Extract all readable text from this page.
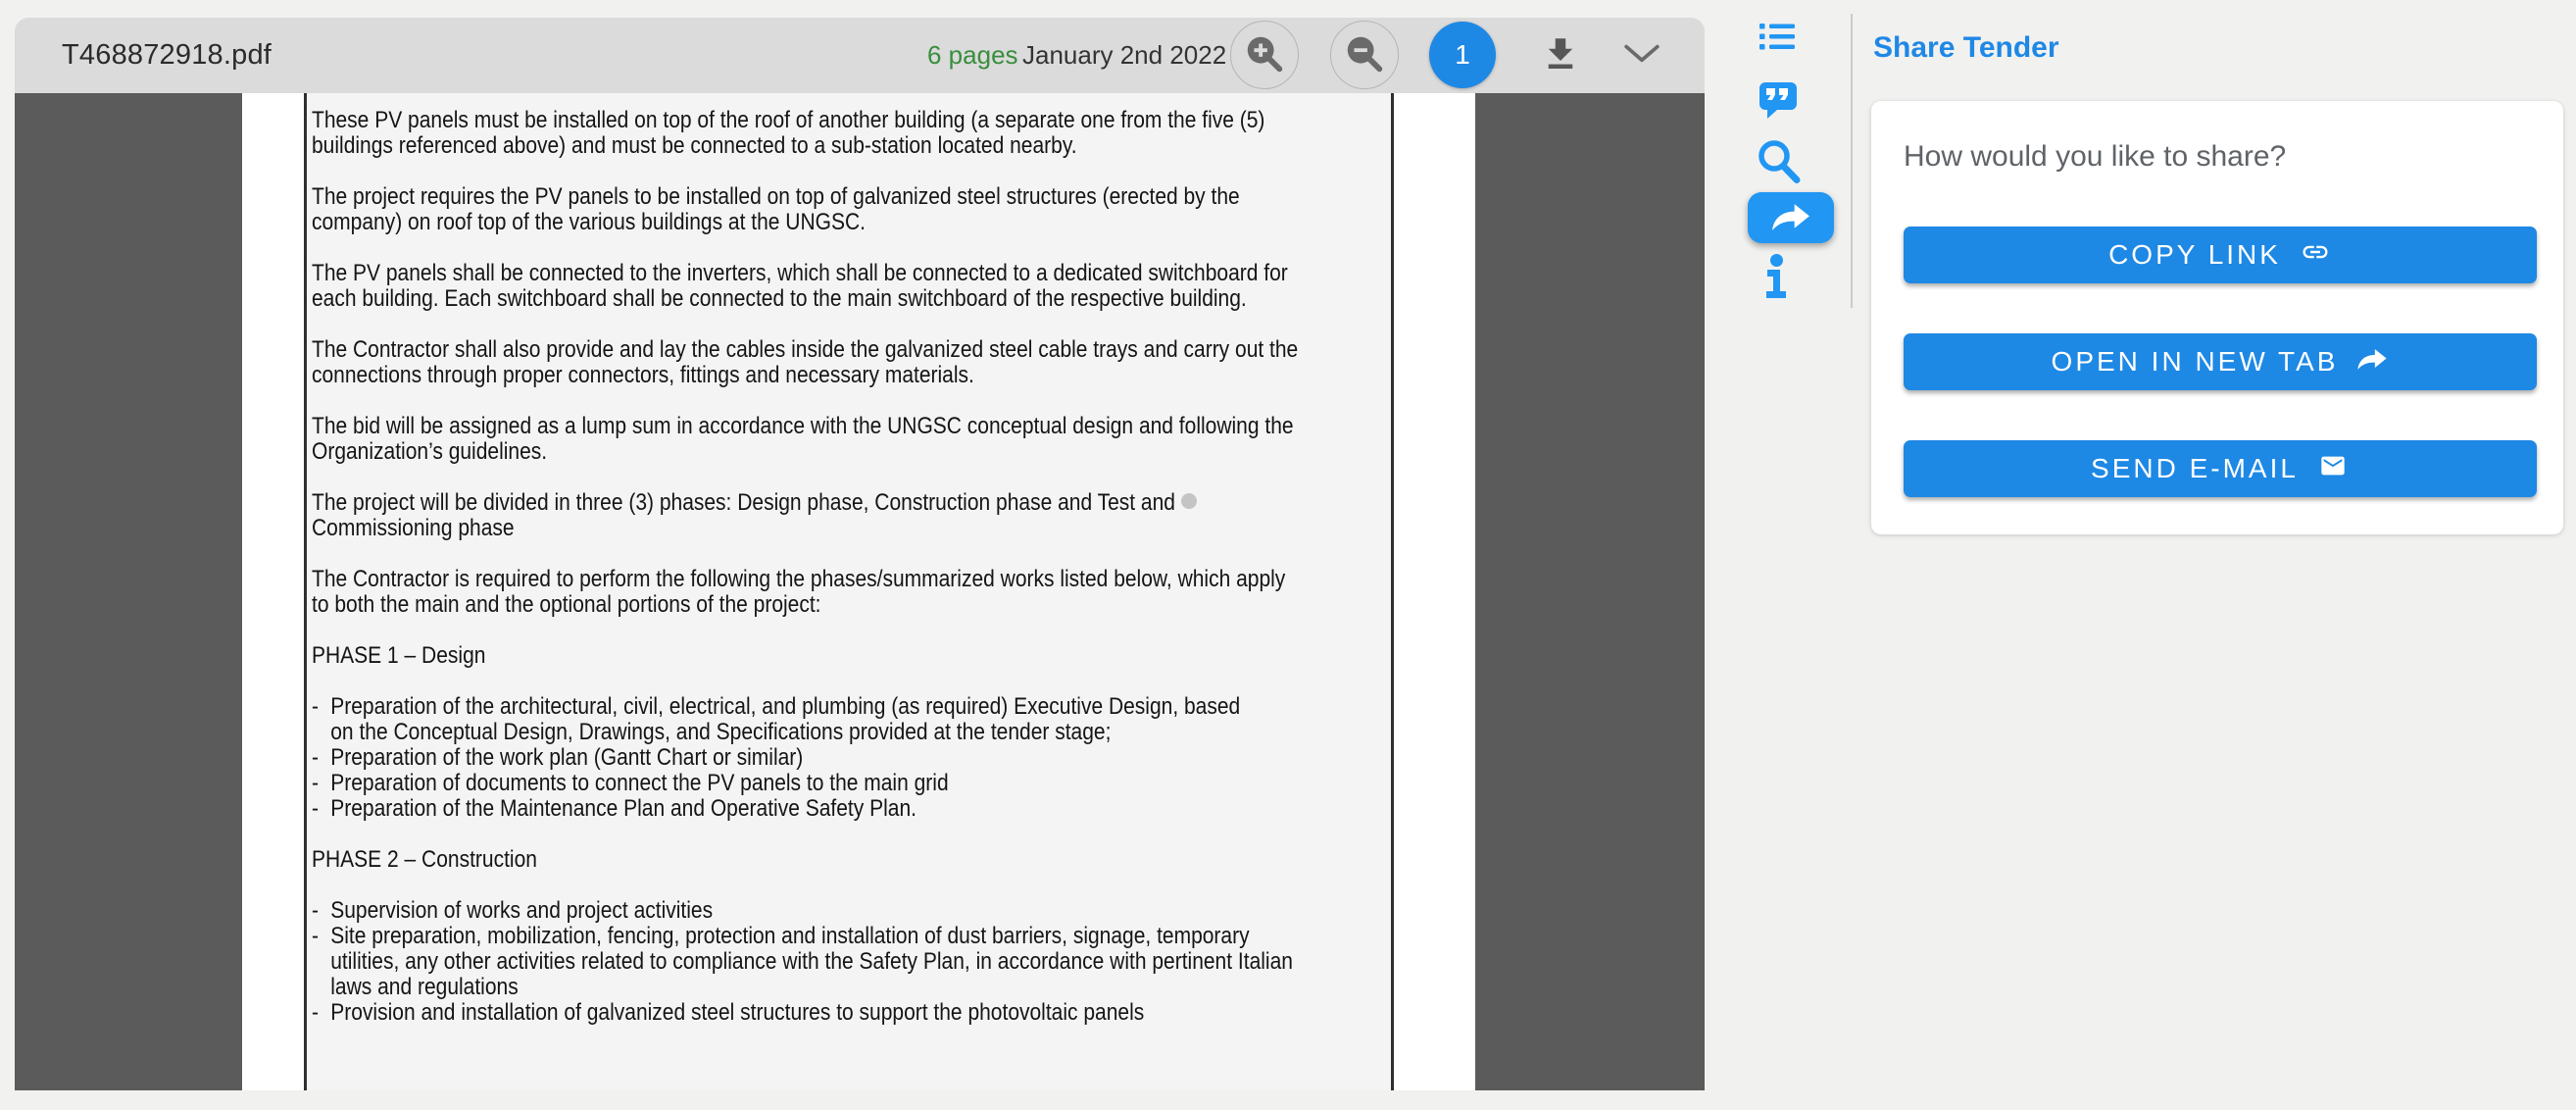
T468872918.pdf	6 pages January 2nd 2022	1
These PV panels must be installed on top of the roof of another building (a separate one from the five (5)
buildings referenced above) and must be connected to a sub-station located nearby.
The project requires the PV panels to be installed on top of galvanized steel structures (erected by the
company) on roof top of the various buildings at the UNGSC.
The PV panels shall be connected to the inverters, which shall be connected to a dedicated switchboard for
each building. Each switchboard shall be connected to the main switchboard of the respective building.
The Contractor shall also provide and lay the cables inside the galvanized steel cable trays and carry out the
connections through proper connectors, fittings and necessary materials.
The bid will be assigned as a lump sum in accordance with the UNGSC conceptual design and following the
Organization’s guidelines.
The project will be divided in three (3) phases: Design phase, Construction phase and Test and
Commissioning phase
The Contractor is required to perform the following the phases/summarized works listed below, which apply
to both the main and the optional portions of the project:
PHASE 1 – Design
- Preparation of the architectural, civil, electrical, and plumbing (as required) Executive Design, based
on the Conceptual Design, Drawings, and Specifications provided at the tender stage;
- Preparation of the work plan (Gantt Chart or similar)
- Preparation of documents to connect the PV panels to the main grid
- Preparation of the Maintenance Plan and Operative Safety Plan.
PHASE 2 – Construction
- Supervision of works and project activities
- Site preparation, mobilization, fencing, protection and installation of dust barriers, signage, temporary
utilities, any other activities related to compliance with the Safety Plan, in accordance with pertinent Italian
laws and regulations
- Provision and installation of galvanized steel structures to support the photovoltaic panels
Share Tender
How would you like to share?
COPY LINK
OPEN IN NEW TAB
SEND E-MAIL
